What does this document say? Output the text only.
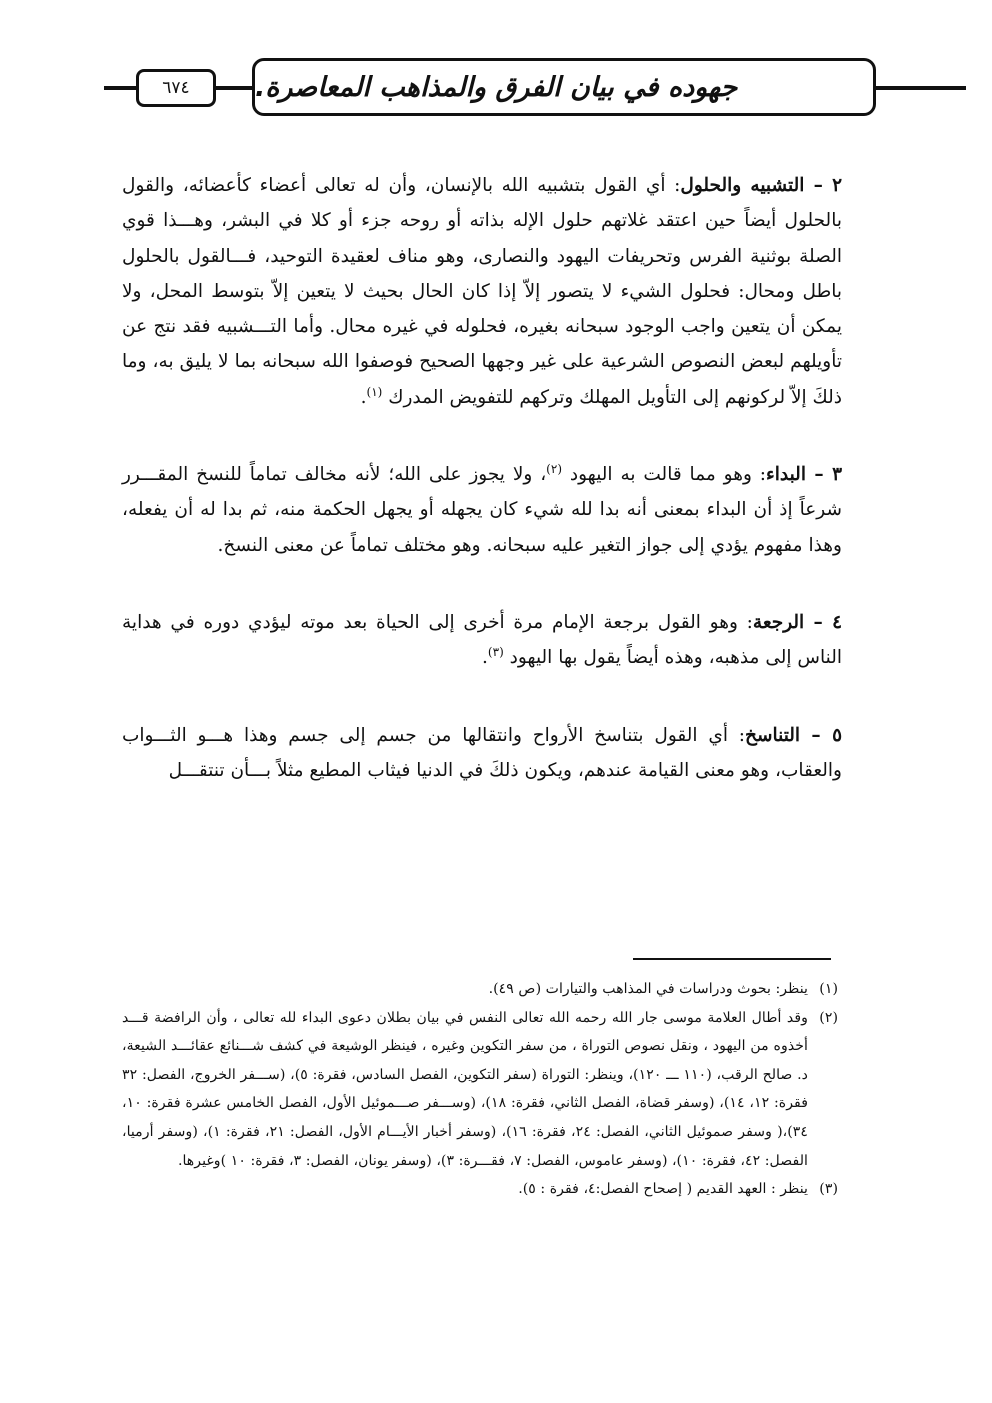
٦٧٤	جهوده في بيان الفرق والمذاهب المعاصرة.

٢ – التشبيه والحلول: أي القول بتشبيه الله بالإنسان، وأن له تعالى أعضاء كأعضائه، والقول بالحلول أيضاً حين اعتقد غلاتهم حلول الإله بذاته أو روحه جزء أو كلا في البشر، وهـــذا قوي الصلة بوثنية الفرس وتحريفات اليهود والنصارى، وهو مناف لعقيدة التوحيد، فـــالقول بالحلول باطل ومحال: فحلول الشيء لا يتصور إلاّ إذا كان الحال بحيث لا يتعين إلاّ بتوسط المحل، ولا يمكن أن يتعين واجب الوجود سبحانه بغيره، فحلوله في غيره محال. وأما التـــشبيه فقد نتج عن تأويلهم لبعض النصوص الشرعية على غير وجهها الصحيح فوصفوا الله سبحانه بما لا يليق به، وما ذلكَ إلاّ لركونهم إلى التأويل المهلك وتركهم للتفويض المدرك $^{(١)}$.

٣ – البداء: وهو مما قالت به اليهود $^{(٢)}$، ولا يجوز على الله؛ لأنه مخالف تماماً للنسخ المقـــرر شرعاً إذ أن البداء بمعنى أنه بدا لله شيء كان يجهله أو يجهل الحكمة منه، ثم بدا له أن يفعله، وهذا مفهوم يؤدي إلى جواز التغير عليه سبحانه. وهو مختلف تماماً عن معنى النسخ.

٤ – الرجعة: وهو القول برجعة الإمام مرة أخرى إلى الحياة بعد موته ليؤدي دوره في هداية الناس إلى مذهبه، وهذه أيضاً يقول بها اليهود $^{(٣)}$.

٥ – التناسخ: أي القول بتناسخ الأرواح وانتقالها من جسم إلى جسم وهذا هـــو الثـــواب والعقاب، وهو معنى القيامة عندهم، ويكون ذلكَ في الدنيا فيثاب المطيع مثلاً بـــأن تنتقـــل

(١)
ينظر: بحوث ودراسات في المذاهب والتيارات (ص ٤٩).
(٢)
وقد أطال العلامة موسى جار الله رحمه الله تعالى النفس في بيان بطلان دعوى البداء لله تعالى ، وأن الرافضة قـــد أخذوه من اليهود ، ونقل نصوص التوراة ، من سفر التكوين وغيره ، فينظر الوشيعة في كشف شـــنائع عقائـــد الشيعة، د. صالح الرقب، (١١٠ ـــ ١٢٠)، وينظر: التوراة (سفر التكوين، الفصل السادس، فقرة: ٥)، (ســـفر الخروج، الفصل: ٣٢ فقرة: ١٢، ١٤)، (وسفر قضاة، الفصل الثاني، فقرة: ١٨)، (وســـفر صـــموئيل الأول، الفصل الخامس عشرة فقرة: ١٠، ٣٤)،( وسفر صموئيل الثاني، الفصل: ٢٤، فقرة: ١٦)، (وسفر أخبار الأيـــام الأول، الفصل: ٢١، فقرة: ١)، (وسفر أرميا، الفصل: ٤٢، فقرة: ١٠)، (وسفر عاموس، الفصل: ٧، فقـــرة: ٣)، (وسفر يونان، الفصل: ٣، فقرة: ١٠ )وغيرها.
(٣)
ينظر : العهد القديم ( إصحاح الفصل:٤، فقرة : ٥).
